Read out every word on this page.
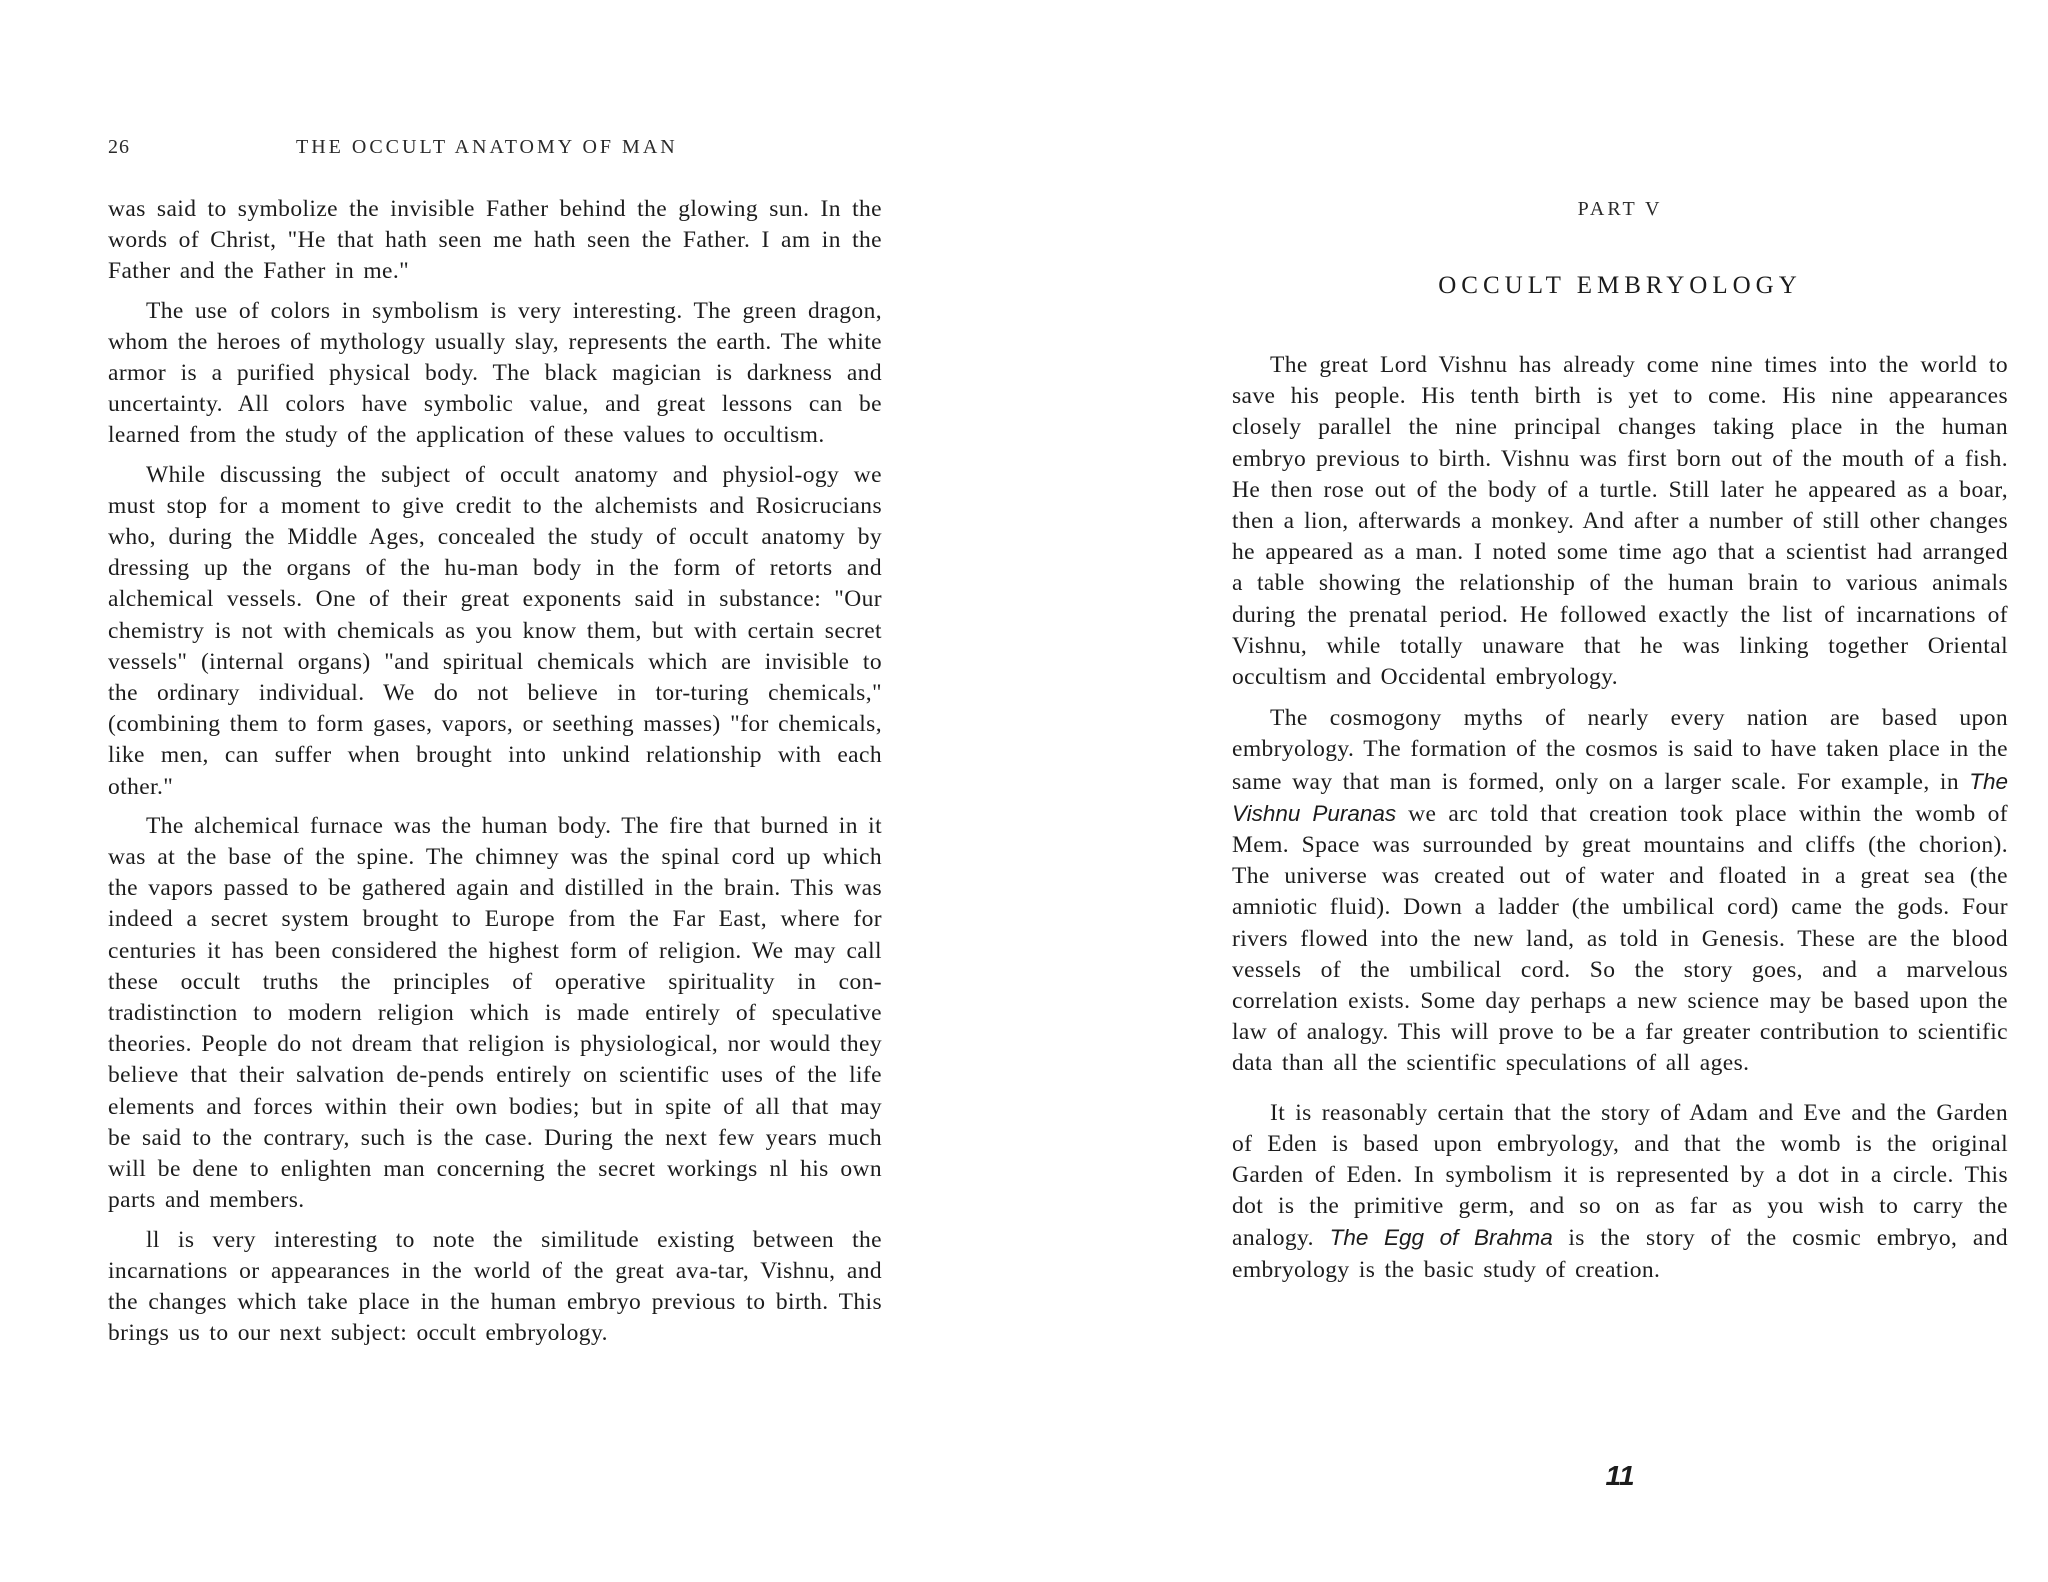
26	THE OCCULT ANATOMY OF MAN

was said to symbolize the invisible Father behind the glowing sun. In the words of Christ, "He that hath seen me hath seen the Father. I am in the Father and the Father in me."

The use of colors in symbolism is very interesting. The green dragon, whom the heroes of mythology usually slay, represents the earth. The white armor is a purified physical body. The black magician is darkness and uncertainty. All colors have symbolic value, and great lessons can be learned from the study of the application of these values to occultism.

While discussing the subject of occult anatomy and physiol-ogy we must stop for a moment to give credit to the alchemists and Rosicrucians who, during the Middle Ages, concealed the study of occult anatomy by dressing up the organs of the hu-man body in the form of retorts and alchemical vessels. One of their great exponents said in substance: "Our chemistry is not with chemicals as you know them, but with certain secret vessels" (internal organs) "and spiritual chemicals which are invisible to the ordinary individual. We do not believe in tor-turing chemicals," (combining them to form gases, vapors, or seething masses) "for chemicals, like men, can suffer when brought into unkind relationship with each other."

The alchemical furnace was the human body. The fire that burned in it was at the base of the spine. The chimney was the spinal cord up which the vapors passed to be gathered again and distilled in the brain. This was indeed a secret system brought to Europe from the Far East, where for centuries it has been considered the highest form of religion. We may call these occult truths the principles of operative spirituality in con-tradistinction to modern religion which is made entirely of speculative theories. People do not dream that religion is physiological, nor would they believe that their salvation de-pends entirely on scientific uses of the life elements and forces within their own bodies; but in spite of all that may be said to the contrary, such is the case. During the next few years much will be dene to enlighten man concerning the secret workings nl his own parts and members.

ll is very interesting to note the similitude existing between the incarnations or appearances in the world of the great ava-tar, Vishnu, and the changes which take place in the human embryo previous to birth. This brings us to our next subject: occult embryology.

PART V
OCCULT EMBRYOLOGY

The great Lord Vishnu has already come nine times into the world to save his people. His tenth birth is yet to come. His nine appearances closely parallel the nine principal changes taking place in the human embryo previous to birth. Vishnu was first born out of the mouth of a fish. He then rose out of the body of a turtle. Still later he appeared as a boar, then a lion, afterwards a monkey. And after a number of still other changes he appeared as a man. I noted some time ago that a scientist had arranged a table showing the relationship of the human brain to various animals during the prenatal period. He followed exactly the list of incarnations of Vishnu, while totally unaware that he was linking together Oriental occultism and Occidental embryology.

The cosmogony myths of nearly every nation are based upon embryology. The formation of the cosmos is said to have taken place in the same way that man is formed, only on a larger scale. For example, in The Vishnu Puranas we arc told that creation took place within the womb of Mem. Space was surrounded by great mountains and cliffs (the chorion). The universe was created out of water and floated in a great sea (the amniotic fluid). Down a ladder (the umbilical cord) came the gods. Four rivers flowed into the new land, as told in Genesis. These are the blood vessels of the umbilical cord. So the story goes, and a marvelous correlation exists. Some day perhaps a new science may be based upon the law of analogy. This will prove to be a far greater contribution to scientific data than all the scientific speculations of all ages.

It is reasonably certain that the story of Adam and Eve and the Garden of Eden is based upon embryology, and that the womb is the original Garden of Eden. In symbolism it is represented by a dot in a circle. This dot is the primitive germ, and so on as far as you wish to carry the analogy. The Egg of Brahma is the story of the cosmic embryo, and embryology is the basic study of creation.

11
